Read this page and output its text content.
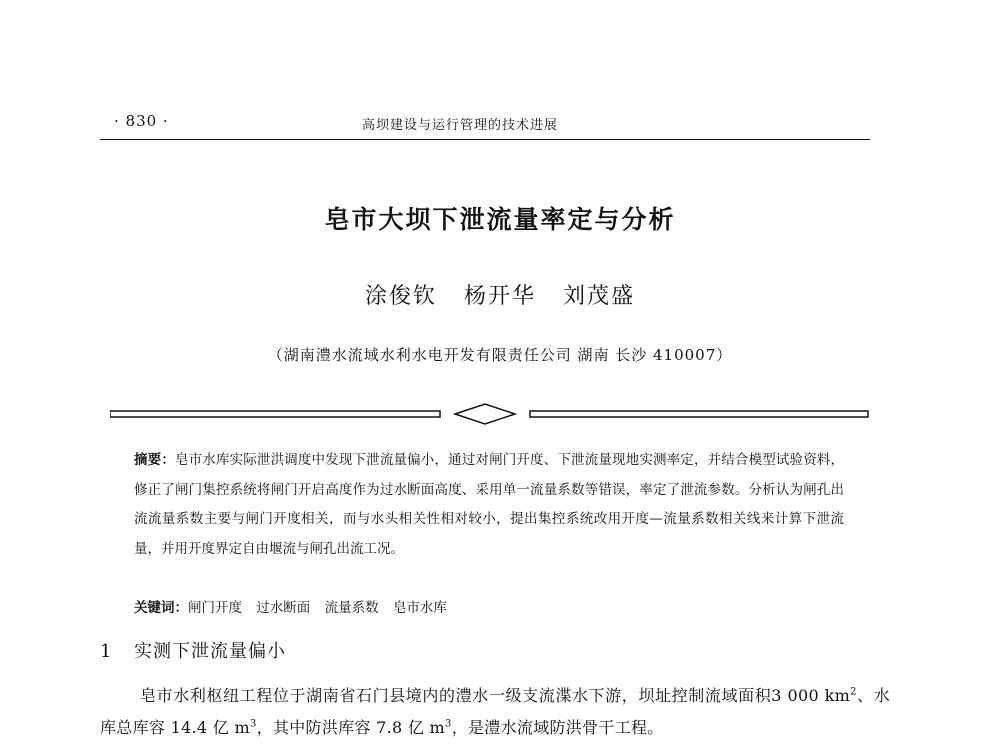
· 830 ·	高坝建设与运行管理的技术进展
皂市大坝下泄流量率定与分析
涂俊钦 杨开华 刘茂盛
（湖南澧水流域水利水电开发有限责任公司 湖南 长沙 410007）
摘要：皂市水库实际泄洪调度中发现下泄流量偏小，通过对闸门开度、下泄流量现地实测率定，并结合模型试验资料，修正了闸门集控系统将闸门开启高度作为过水断面高度、采用单一流量系数等错误，率定了泄流参数。分析认为闸孔出流流量系数主要与闸门开度相关，而与水头相关性相对较小，提出集控系统改用开度—流量系数相关线来计算下泄流量，并用开度界定自由堰流与闸孔出流工况。
关键词：闸门开度 过水断面 流量系数 皂市水库
1 实测下泄流量偏小
皂市水利枢纽工程位于湖南省石门县境内的澧水一级支流渫水下游，坝址控制流域面积3 000 $km^2$、水库总库容 14.4 亿 $m^3$，其中防洪库容 7.8 亿 $m^3$，是澧水流域防洪骨干工程。
